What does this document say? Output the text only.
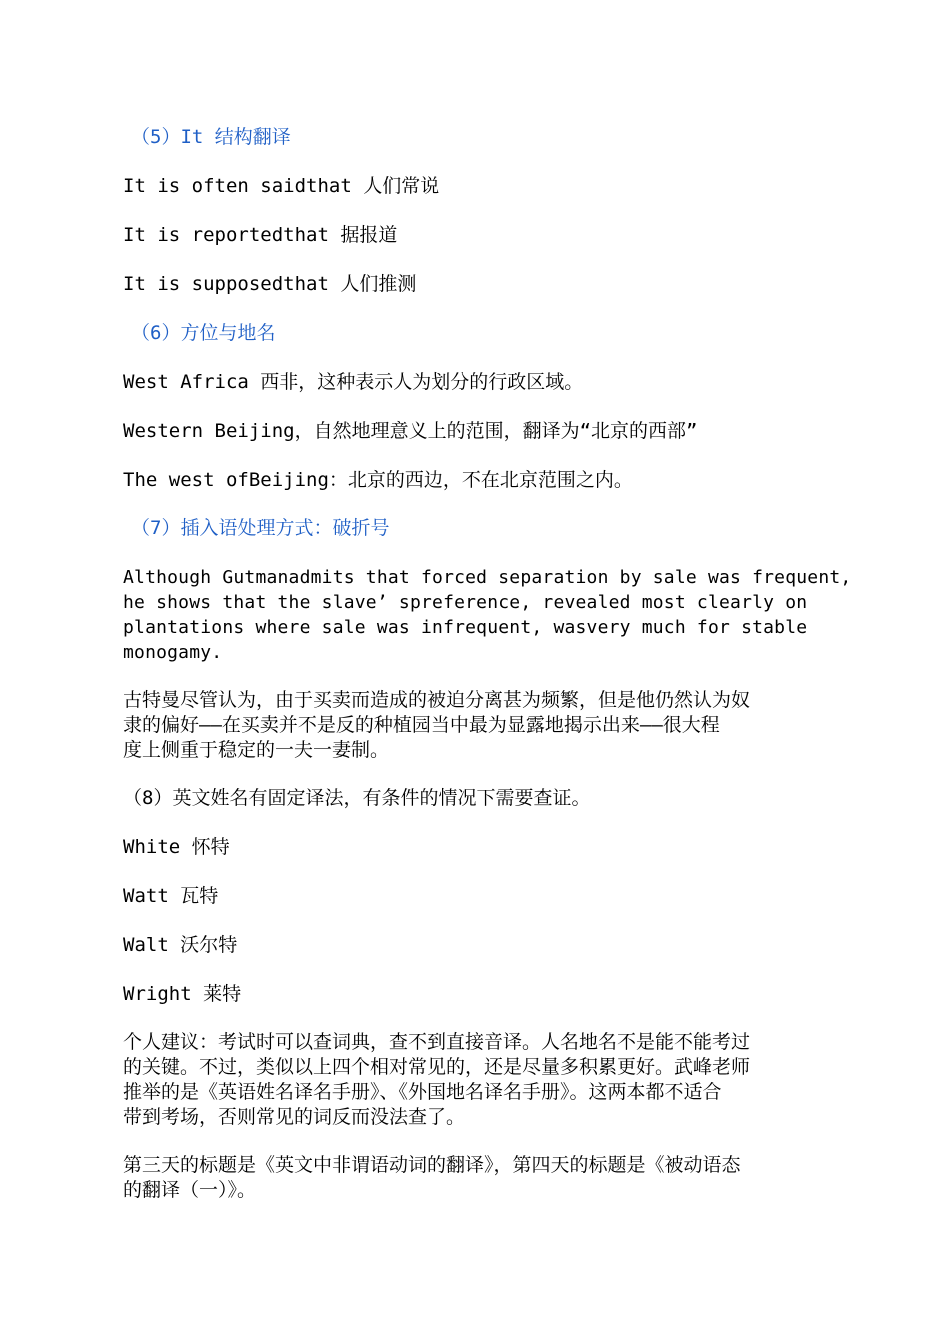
（5）It 结构翻译
It is often saidthat 人们常说
It is reportedthat 据报道
It is supposedthat 人们推测
（6）方位与地名
West Africa 西非，这种表示人为划分的行政区域。
Western Beijing，自然地理意义上的范围，翻译为“北京的西部”
The west ofBeijing：北京的西边，不在北京范围之内。
（7）插入语处理方式：破折号
Although Gutmanadmits that forced separation by sale was frequent,
he shows that the slave’ spreference, revealed most clearly on
plantations where sale was infrequent, wasvery much for stable
monogamy.
古特曼尽管认为，由于买卖而造成的被迫分离甚为频繁，但是他仍然认为奴
隶的偏好——在买卖并不是反的种植园当中最为显露地揭示出来——很大程
度上侧重于稳定的一夫一妻制。
（8）英文姓名有固定译法，有条件的情况下需要查证。
White 怀特
Watt 瓦特
Walt 沃尔特
Wright 莱特
个人建议：考试时可以查词典，查不到直接音译。人名地名不是能不能考过
的关键。不过，类似以上四个相对常见的，还是尽量多积累更好。武峰老师
推举的是《英语姓名译名手册》、《外国地名译名手册》。这两本都不适合
带到考场，否则常见的词反而没法查了。
第三天的标题是《英文中非谓语动词的翻译》，第四天的标题是《被动语态
的翻译（一）》。
